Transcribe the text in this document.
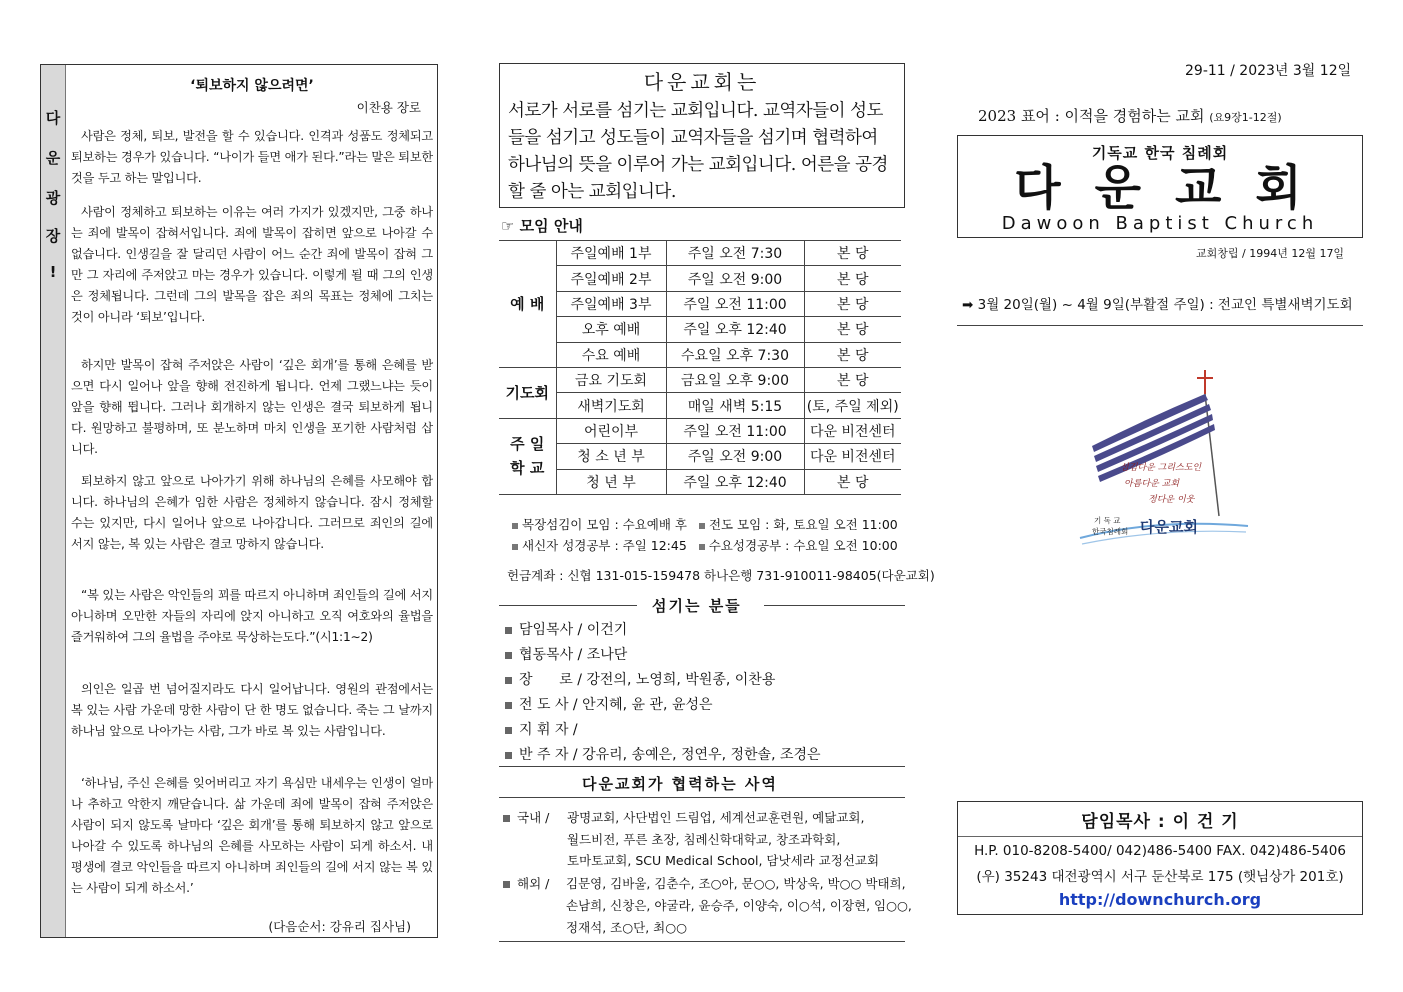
다
운
광
장
!
‘퇴보하지 않으려면’
이찬용 장로

사람은 정체, 퇴보, 발전을 할 수 있습니다. 인격과 성품도 정체되고 퇴보하는 경우가 있습니다. “나이가 들면 애가 된다.”라는 말은 퇴보한 것을 두고 하는 말입니다.

사람이 정체하고 퇴보하는 이유는 여러 가지가 있겠지만, 그중 하나는 죄에 발목이 잡혀서입니다. 죄에 발목이 잡히면 앞으로 나아갈 수 없습니다. 인생길을 잘 달리던 사람이 어느 순간 죄에 발목이 잡혀 그만 그 자리에 주저앉고 마는 경우가 있습니다. 이렇게 될 때 그의 인생은 정체됩니다. 그런데 그의 발목을 잡은 죄의 목표는 정체에 그치는 것이 아니라 ‘퇴보’입니다.

하지만 발목이 잡혀 주저앉은 사람이 ‘깊은 회개’를 통해 은혜를 받으면 다시 일어나 앞을 향해 전진하게 됩니다. 언제 그랬느냐는 듯이 앞을 향해 뜁니다. 그러나 회개하지 않는 인생은 결국 퇴보하게 됩니다. 원망하고 불평하며, 또 분노하며 마치 인생을 포기한 사람처럼 삽니다.

퇴보하지 않고 앞으로 나아가기 위해 하나님의 은혜를 사모해야 합니다. 하나님의 은혜가 임한 사람은 정체하지 않습니다. 잠시 정체할 수는 있지만, 다시 일어나 앞으로 나아갑니다. 그러므로 죄인의 길에 서지 않는, 복 있는 사람은 결코 망하지 않습니다.

“복 있는 사람은 악인들의 꾀를 따르지 아니하며 죄인들의 길에 서지 아니하며 오만한 자들의 자리에 앉지 아니하고 오직 여호와의 율법을 즐거워하여 그의 율법을 주야로 묵상하는도다.”(시1:1∼2)

의인은 일곱 번 넘어질지라도 다시 일어납니다. 영원의 관점에서는 복 있는 사람 가운데 망한 사람이 단 한 명도 없습니다. 죽는 그 날까지 하나님 앞으로 나아가는 사람, 그가 바로 복 있는 사람입니다.

‘하나님, 주신 은혜를 잊어버리고 자기 욕심만 내세우는 인생이 얼마나 추하고 악한지 깨닫습니다. 삶 가운데 죄에 발목이 잡혀 주저앉은 사람이 되지 않도록 날마다 ‘깊은 회개’를 통해 퇴보하지 않고 앞으로 나아갈 수 있도록 하나님의 은혜를 사모하는 사람이 되게 하소서. 내 평생에 결코 악인들을 따르지 아니하며 죄인들의 길에 서지 않는 복 있는 사람이 되게 하소서.’

(다음순서: 강유리 집사님)
다운교회는
서로가 서로를 섬기는 교회입니다. 교역자들이 성도들을 섬기고 성도들이 교역자들을 섬기며 협력하여 하나님의 뜻을 이루어 가는 교회입니다. 어른을 공경할 줄 아는 교회입니다.
☞ 모임 안내
예 배	주일예배 1부	주일 오전 7:30	본 당
	주일예배 2부	주일 오전 9:00	본 당
	주일예배 3부	주일 오전 11:00	본 당
	오후 예배	주일 오후 12:40	본 당
	수요 예배	수요일 오후 7:30	본 당
기도회	금요 기도회	금요일 오후 9:00	본 당
	새벽기도회	매일 새벽 5:15	(토, 주일 제외)
주 일 학 교	어린이부	주일 오전 11:00	다운 비전센터
	청 소 년 부	주일 오전 9:00	다운 비전센터
	청 년 부	주일 오후 12:40	본 당
목장섬김이 모임 : 수요예배 후 전도 모임 : 화, 토요일 오전 11:00
새신자 성경공부 : 주일 12:45 수요성경공부 : 수요일 오전 10:00
헌금계좌 : 신협 131-015-159478 하나은행 731-910011-98405(다운교회)
섬기는 분들
담임목사 / 이건기
협동목사 / 조나단
장      로 / 강전의, 노영희, 박원종, 이찬용
전 도 사 / 안지혜, 윤 관, 윤성은
지 휘 자 /
반 주 자 / 강유리, 송예은, 정연우, 정한솔, 조경은
다운교회가 협력하는 사역
국내 / 광명교회, 사단법인 드림업, 세계선교훈련원, 예닮교회,
월드비전, 푸른 초장, 침례신학대학교, 창조과학회,
토마토교회, SCU Medical School, 담낫세라 교정선교회
해외 / 김문영, 김바울, 김춘수, 조○아, 문○○, 박상욱, 박○○ 박태희,
손남희, 신창은, 야굴라, 윤승주, 이양숙, 이○석, 이장현, 임○○,
정재석, 조○단, 최○○
29-11 / 2023년 3월 12일
2023 표어 : 이적을 경험하는 교회 (요9장1-12절)
기독교 한국 침례회
다운교회
Dawoon Baptist Church
교회창립 / 1994년 12월 17일
➡ 3월 20일(월) ~ 4월 9일(부활절 주일) : 전교인 특별새벽기도회
섬김다운 그리스도인
아름다운 교회
정다운 이웃
기 독 교
한국침례회 다운교회
담임목사 : 이 건 기
H.P. 010-8208-5400/ 042)486-5400 FAX. 042)486-5406
(우) 35243 대전광역시 서구 둔산북로 175 (햇님상가 201호)
http://downchurch.org
